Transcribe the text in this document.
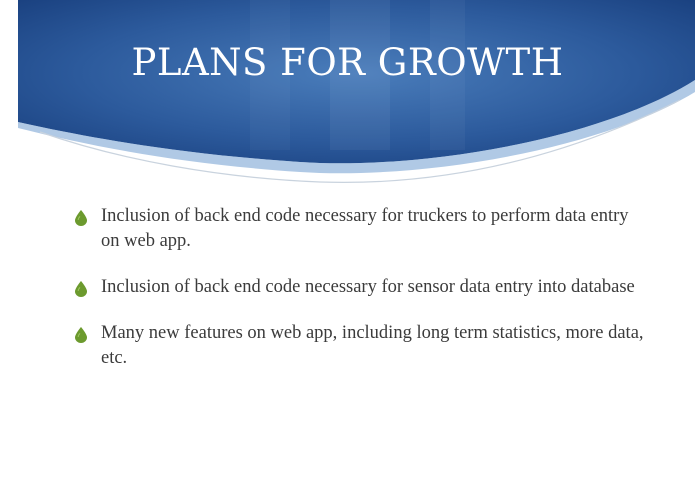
PLANS FOR GROWTH
Inclusion of back end code necessary for truckers to perform data entry on web app.
Inclusion of back end code necessary for sensor data entry into database
Many new features on web app, including long term statistics, more data, etc.
